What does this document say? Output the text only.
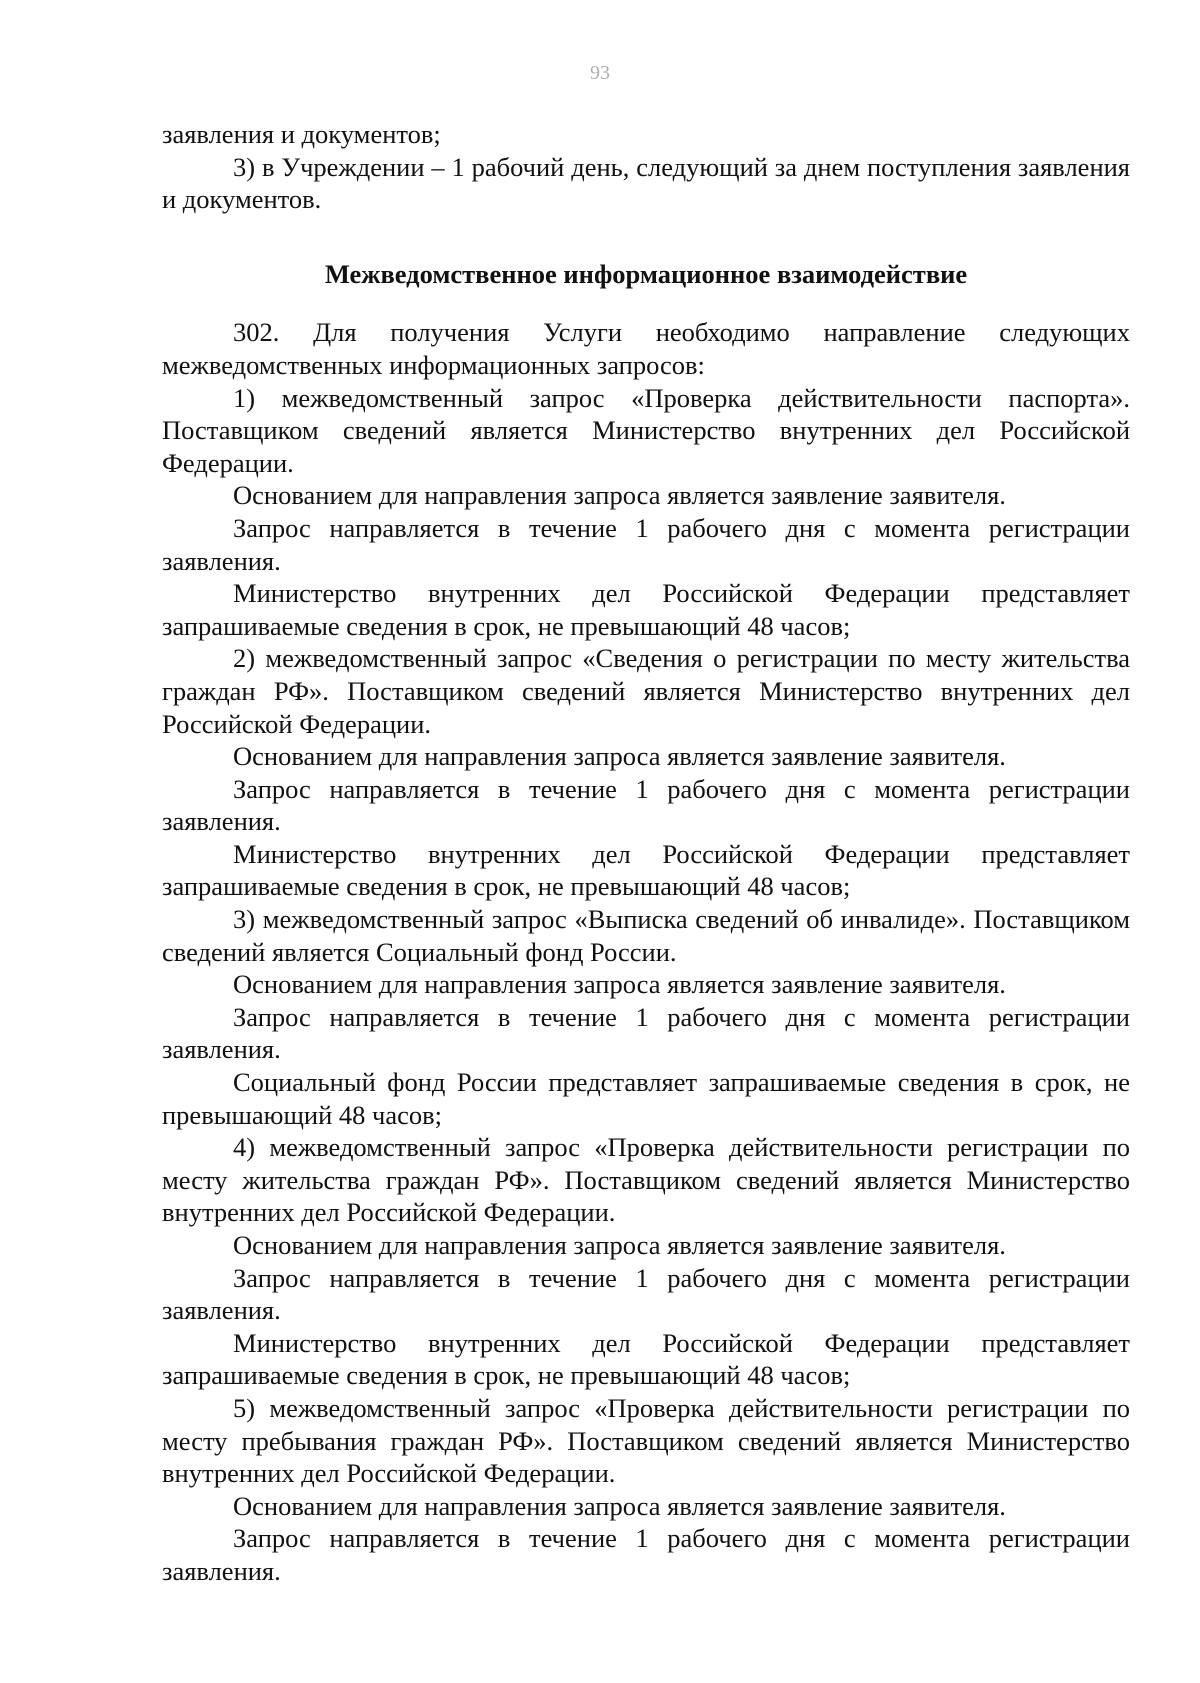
93

заявления и документов;

3) в Учреждении – 1 рабочий день, следующий за днем поступления заявления и документов.

Межведомственное информационное взаимодействие

302. Для получения Услуги необходимо направление следующих межведомственных информационных запросов:

1) межведомственный запрос «Проверка действительности паспорта». Поставщиком сведений является Министерство внутренних дел Российской Федерации.

Основанием для направления запроса является заявление заявителя.

Запрос направляется в течение 1 рабочего дня с момента регистрации заявления.

Министерство внутренних дел Российской Федерации представляет запрашиваемые сведения в срок, не превышающий 48 часов;

2) межведомственный запрос «Сведения о регистрации по месту жительства граждан РФ». Поставщиком сведений является Министерство внутренних дел Российской Федерации.

Основанием для направления запроса является заявление заявителя.

Запрос направляется в течение 1 рабочего дня с момента регистрации заявления.

Министерство внутренних дел Российской Федерации представляет запрашиваемые сведения в срок, не превышающий 48 часов;

3) межведомственный запрос «Выписка сведений об инвалиде». Поставщиком сведений является Социальный фонд России.

Основанием для направления запроса является заявление заявителя.

Запрос направляется в течение 1 рабочего дня с момента регистрации заявления.

Социальный фонд России представляет запрашиваемые сведения в срок, не превышающий 48 часов;

4) межведомственный запрос «Проверка действительности регистрации по месту жительства граждан РФ». Поставщиком сведений является Министерство внутренних дел Российской Федерации.

Основанием для направления запроса является заявление заявителя.

Запрос направляется в течение 1 рабочего дня с момента регистрации заявления.

Министерство внутренних дел Российской Федерации представляет запрашиваемые сведения в срок, не превышающий 48 часов;

5) межведомственный запрос «Проверка действительности регистрации по месту пребывания граждан РФ». Поставщиком сведений является Министерство внутренних дел Российской Федерации.

Основанием для направления запроса является заявление заявителя.

Запрос направляется в течение 1 рабочего дня с момента регистрации заявления.
